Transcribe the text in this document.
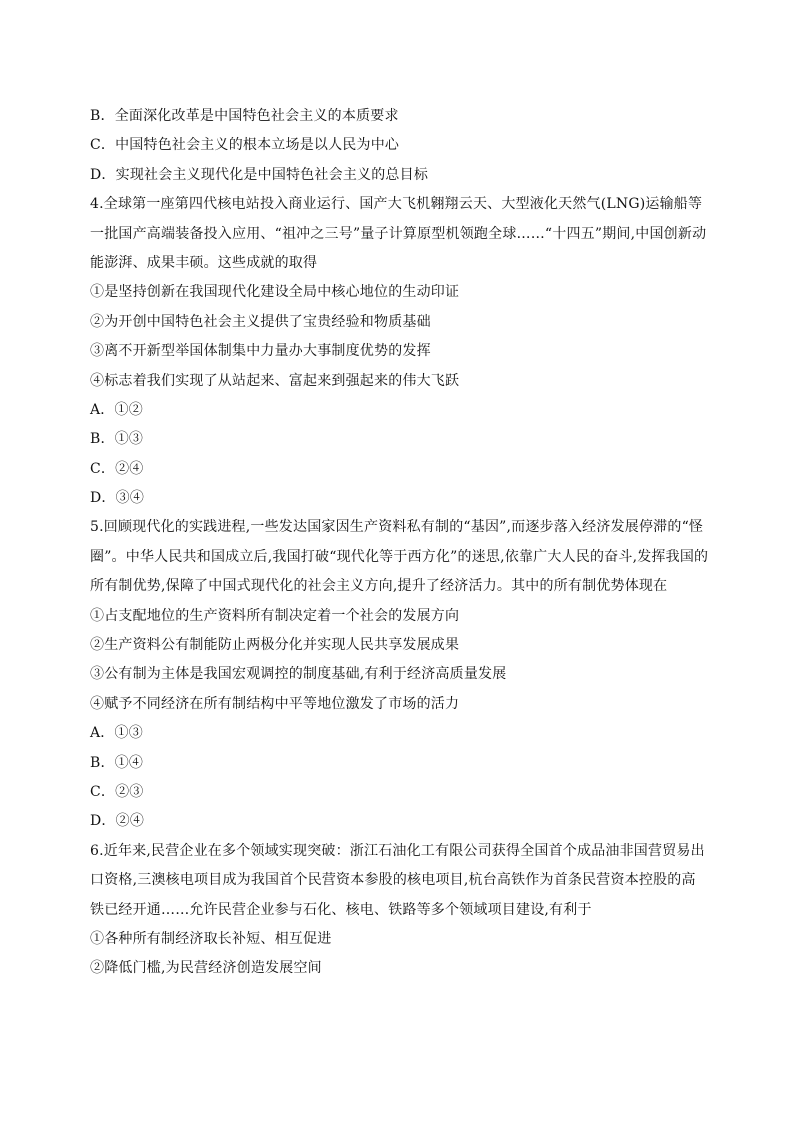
B．全面深化改革是中国特色社会主义的本质要求
C．中国特色社会主义的根本立场是以人民为中心
D．实现社会主义现代化是中国特色社会主义的总目标
4.全球第一座第四代核电站投入商业运行、国产大飞机翱翔云天、大型液化天然气(LNG)运输船等
一批国产高端装备投入应用、“祖冲之三号”量子计算原型机领跑全球……“十四五”期间,中国创新动
能澎湃、成果丰硕。这些成就的取得
①是坚持创新在我国现代化建设全局中核心地位的生动印证
②为开创中国特色社会主义提供了宝贵经验和物质基础
③离不开新型举国体制集中力量办大事制度优势的发挥
④标志着我们实现了从站起来、富起来到强起来的伟大飞跃
A．①②
B．①③
C．②④
D．③④
5.回顾现代化的实践进程,一些发达国家因生产资料私有制的“基因”,而逐步落入经济发展停滞的“怪
圈”。中华人民共和国成立后,我国打破“现代化等于西方化”的迷思,依靠广大人民的奋斗,发挥我国的
所有制优势,保障了中国式现代化的社会主义方向,提升了经济活力。其中的所有制优势体现在
①占支配地位的生产资料所有制决定着一个社会的发展方向
②生产资料公有制能防止两极分化并实现人民共享发展成果
③公有制为主体是我国宏观调控的制度基础,有利于经济高质量发展
④赋予不同经济在所有制结构中平等地位激发了市场的活力
A．①③
B．①④
C．②③
D．②④
6.近年来,民营企业在多个领域实现突破：浙江石油化工有限公司获得全国首个成品油非国营贸易出
口资格,三澳核电项目成为我国首个民营资本参股的核电项目,杭台高铁作为首条民营资本控股的高
铁已经开通……允许民营企业参与石化、核电、铁路等多个领域项目建设,有利于
①各种所有制经济取长补短、相互促进
②降低门槛,为民营经济创造发展空间
